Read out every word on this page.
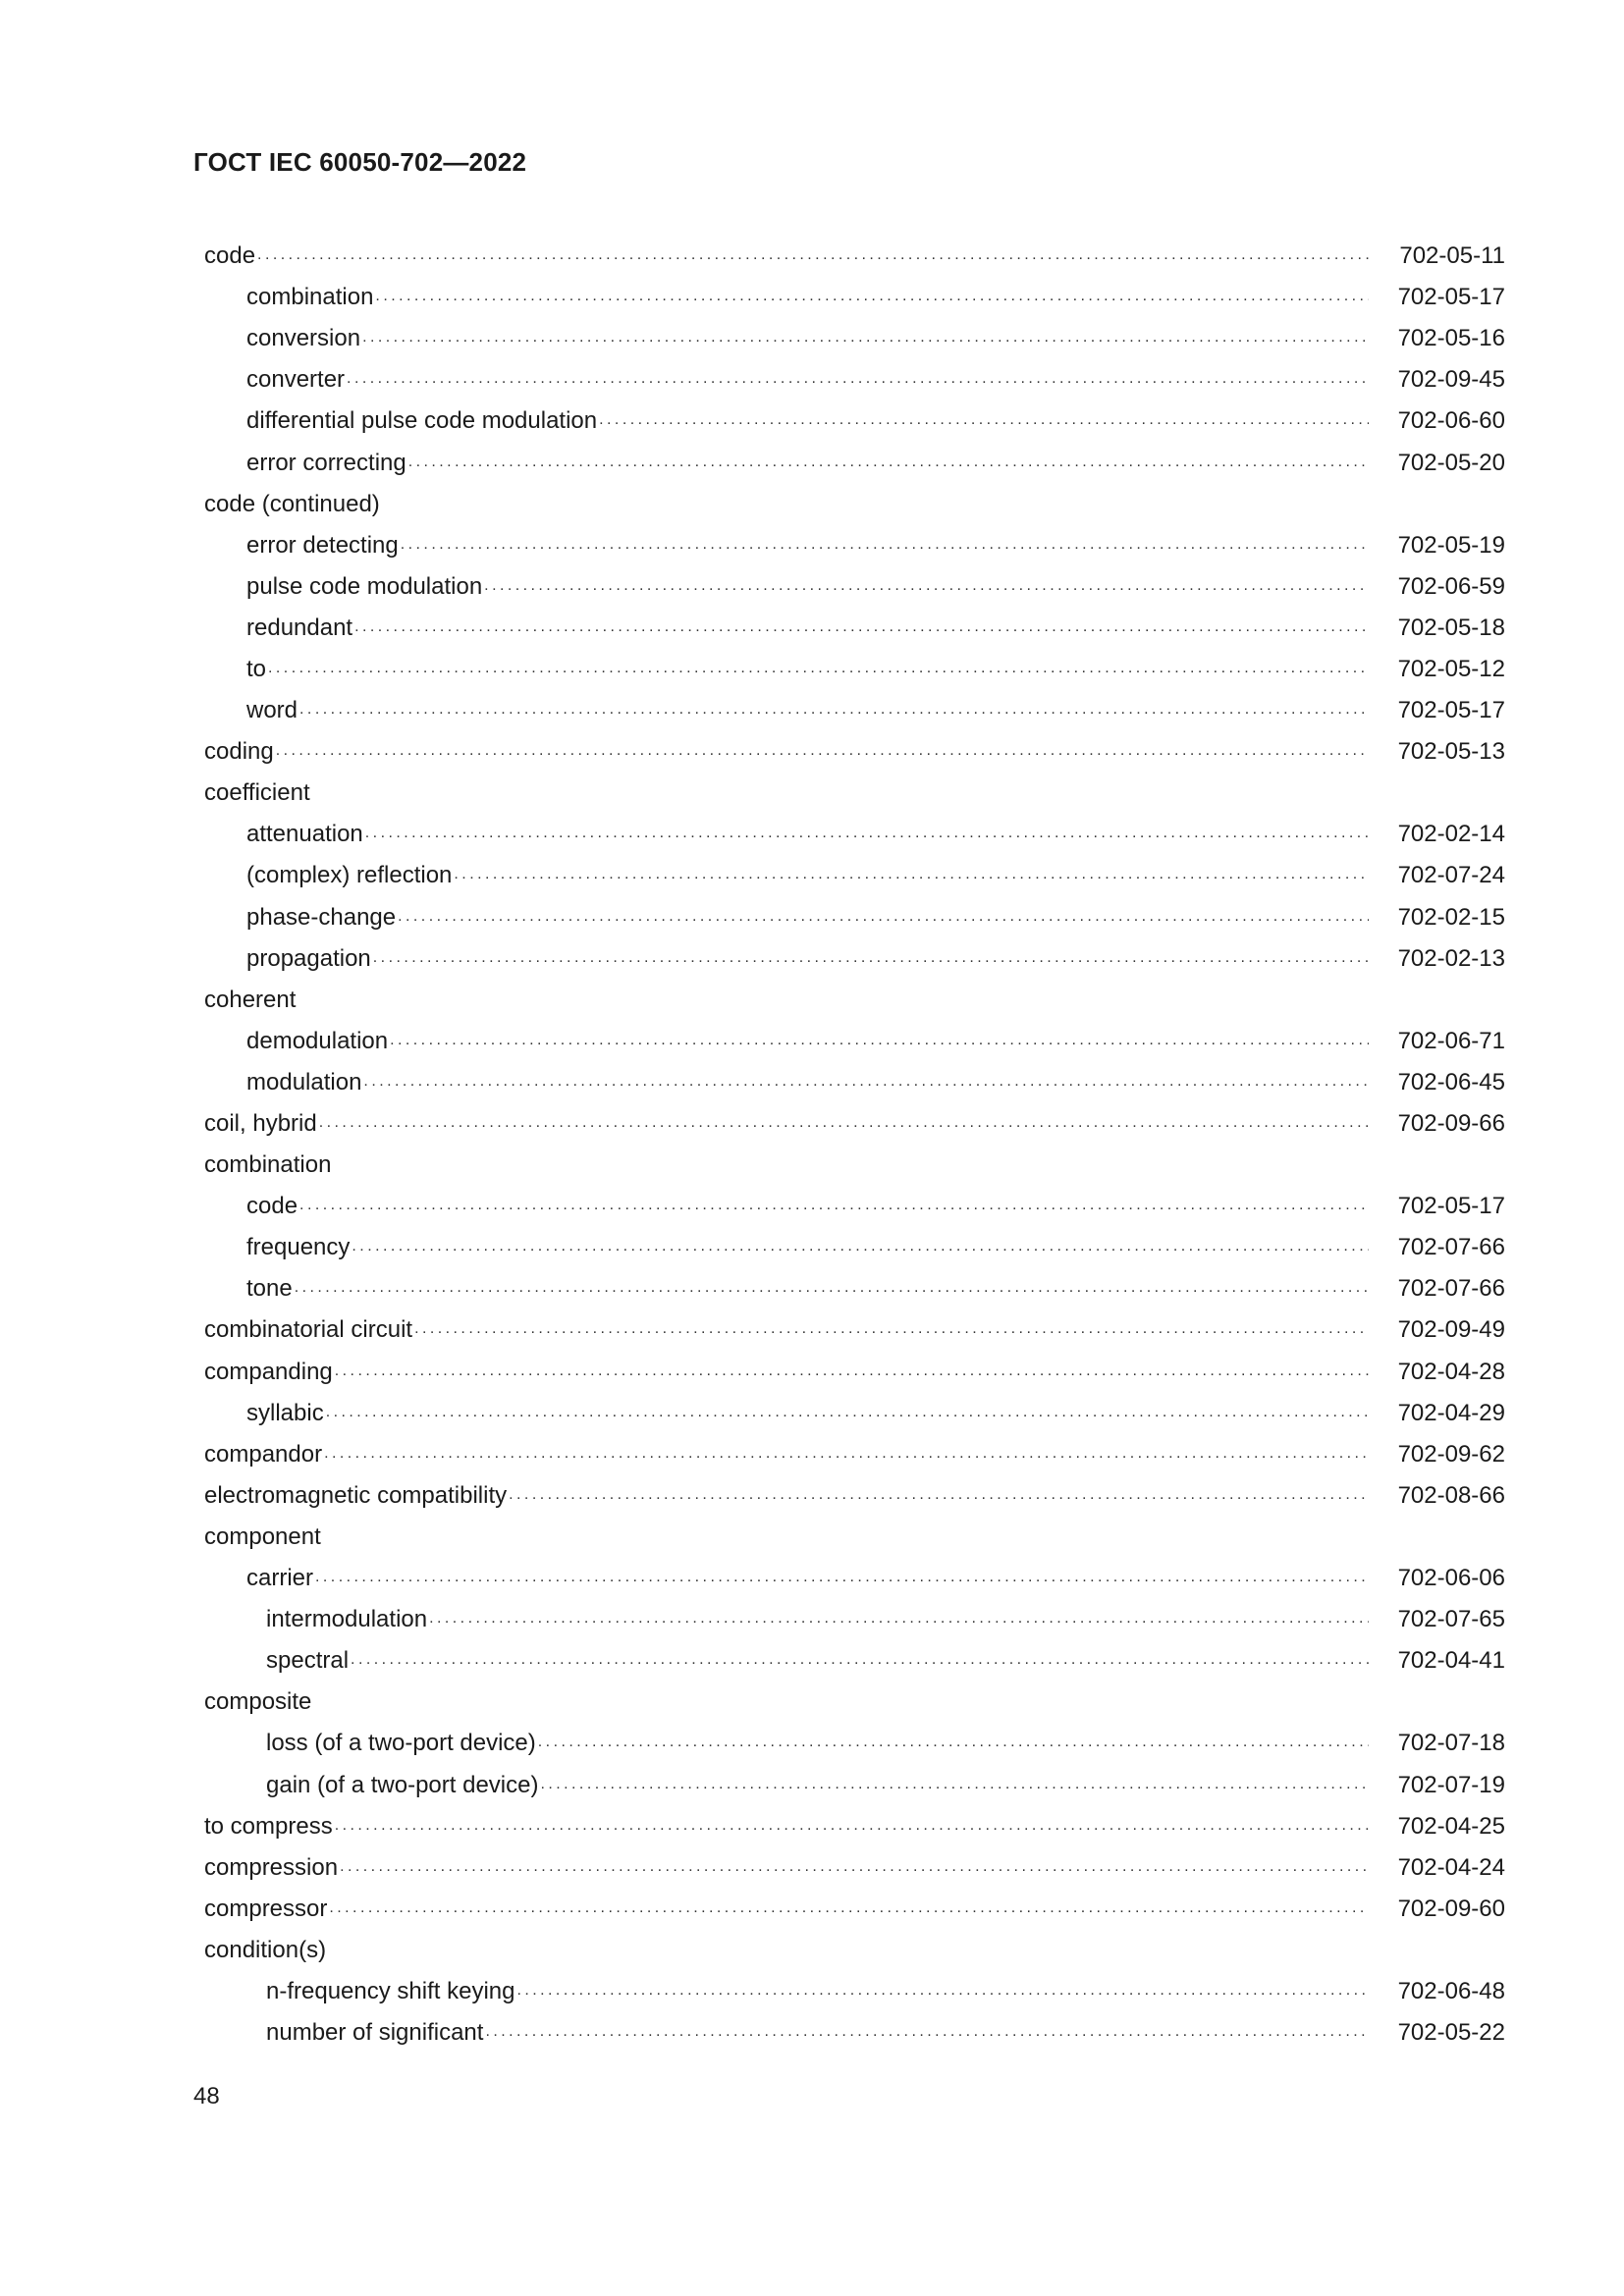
ГОСТ IEC 60050-702—2022
code . . .	702-05-11
combination . . .	702-05-17
conversion . . .	702-05-16
converter . . .	702-09-45
differential pulse code modulation . . .	702-06-60
error correcting . . .	702-05-20
code (continued)
error detecting . . .	702-05-19
pulse code modulation . . .	702-06-59
redundant . . .	702-05-18
to . . .	702-05-12
word . . .	702-05-17
coding . . .	702-05-13
coefficient
attenuation . . .	702-02-14
(complex) reflection . . .	702-07-24
phase-change . . .	702-02-15
propagation . . .	702-02-13
coherent
demodulation . . .	702-06-71
modulation . . .	702-06-45
coil, hybrid . . .	702-09-66
combination
code . . .	702-05-17
frequency . . .	702-07-66
tone . . .	702-07-66
combinatorial circuit . . .	702-09-49
companding . . .	702-04-28
syllabic . . .	702-04-29
compandor . . .	702-09-62
electromagnetic compatibility . . .	702-08-66
component
carrier . . .	702-06-06
intermodulation . . .	702-07-65
spectral . . .	702-04-41
composite
loss (of a two-port device) . . .	702-07-18
gain (of a two-port device) . . .	702-07-19
to compress . . .	702-04-25
compression . . .	702-04-24
compressor . . .	702-09-60
condition(s)
n-frequency shift keying . . .	702-06-48
number of significant . . .	702-05-22
48
